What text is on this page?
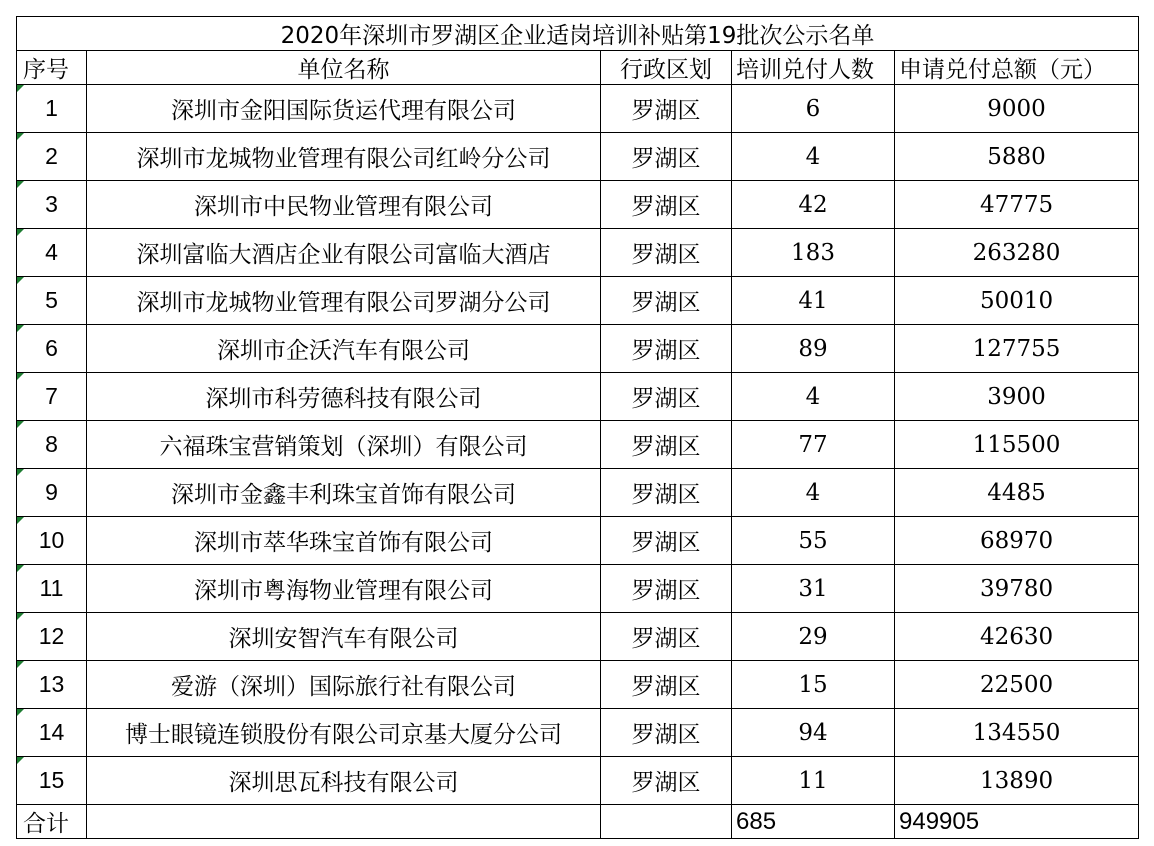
2020年深圳市罗湖区企业适岗培训补贴第19批次公示名单				
序号	单位名称	行政区划	培训兑付人数	申请兑付总额（元）

1	深圳市金阳国际货运代理有限公司	罗湖区	6	9000

2	深圳市龙城物业管理有限公司红岭分公司	罗湖区	4	5880

3	深圳市中民物业管理有限公司	罗湖区	42	47775

4	深圳富临大酒店企业有限公司富临大酒店	罗湖区	183	263280

5	深圳市龙城物业管理有限公司罗湖分公司	罗湖区	41	50010

6	深圳市企沃汽车有限公司	罗湖区	89	127755

7	深圳市科劳德科技有限公司	罗湖区	4	3900

8	六福珠宝营销策划（深圳）有限公司	罗湖区	77	115500

9	深圳市金鑫丰利珠宝首饰有限公司	罗湖区	4	4485

10	深圳市萃华珠宝首饰有限公司	罗湖区	55	68970

11	深圳市粤海物业管理有限公司	罗湖区	31	39780

12	深圳安智汽车有限公司	罗湖区	29	42630

13	爱游（深圳）国际旅行社有限公司	罗湖区	15	22500

14	博士眼镜连锁股份有限公司京基大厦分公司	罗湖区	94	134550

15	深圳思瓦科技有限公司	罗湖区	11	13890
合计			685	949905
